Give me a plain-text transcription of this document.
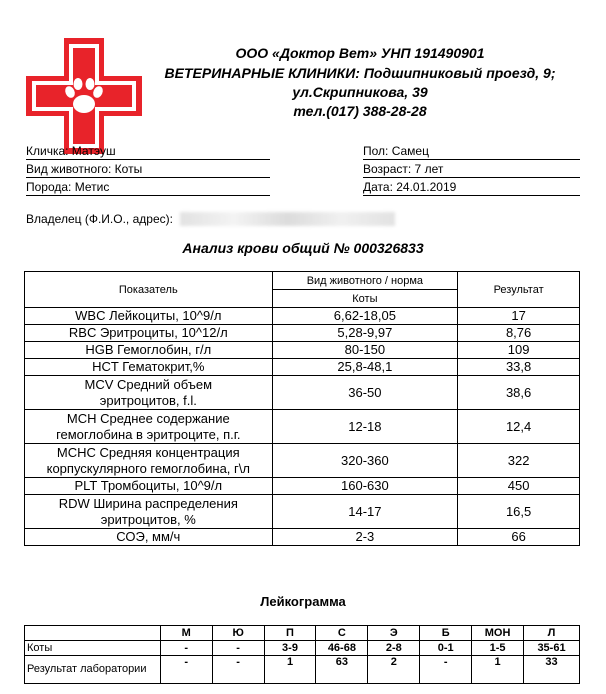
ООО «Доктор Вет» УНП 191490901
ВЕТЕРИНАРНЫЕ КЛИНИКИ: Подшипниковый проезд, 9;
ул.Скрипникова, 39
тел.(017) 388-28-28
Кличка: Матэуш
Вид животного: Коты
Порода: Метис
Пол: Самец
Возраст: 7 лет
Дата: 24.01.2019
Владелец (Ф.И.О., адрес):
Анализ крови общий № 000326833
Показатель	Вид животного / норма	Результат
	Коты	

WBC Лейкоциты, 10^9/л	6,62-18,05	17

RBC Эритроциты, 10^12/л	5,28-9,97	8,76

HGB Гемоглобин, г/л	80-150	109

HCT Гематокрит,%	25,8-48,1	33,8

MCV Средний объем
эритроцитов, f.l.	36-50	38,6

MCH Среднее содержание
гемоглобина в эритроците, п.г.	12-18	12,4

MCHC Средняя концентрация
корпускулярного гемоглобина, г\л	320-360	322

PLT Тромбоциты, 10^9/л	160-630	450

RDW Ширина распределения
эритроцитов, %	14-17	16,5

СОЭ, мм/ч	2-3	66
Лейкограмма
	М	Ю	П	С	Э	Б	МОН	Л
Коты	-	-	3-9	46-68	2-8	0-1	1-5	35-61
Результат лаборатории	-	-	1	63	2	-	1	33
